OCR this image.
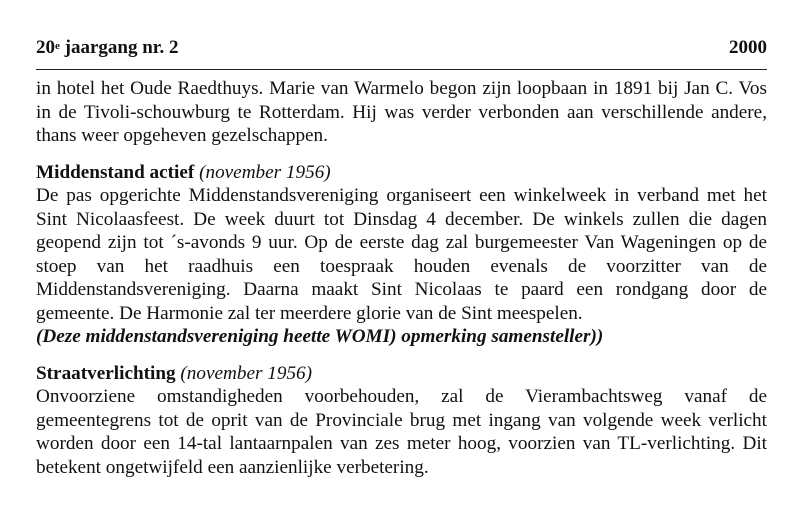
20e jaargang nr. 2	2000

in hotel het Oude Raedthuys. Marie van Warmelo begon zijn loopbaan in 1891 bij Jan C. Vos in de Tivoli-schouwburg te Rotterdam. Hij was verder verbonden aan verschillende andere, thans weer opgeheven gezelschappen.

Middenstand actief (november 1956)

De pas opgerichte Middenstandsvereniging organiseert een winkelweek in verband met het Sint Nicolaasfeest. De week duurt tot Dinsdag 4 december. De winkels zullen die dagen geopend zijn tot ´s-avonds 9 uur. Op de eerste dag zal burgemeester Van Wageningen op de stoep van het raadhuis een toespraak houden evenals de voorzitter van de Middenstandsvereniging. Daarna maakt Sint Nicolaas te paard een rondgang door de gemeente. De Harmonie zal ter meerdere glorie van de Sint meespelen.

(Deze middenstandsvereniging heette WOMI) opmerking samensteller))

Straatverlichting (november 1956)

Onvoorziene omstandigheden voorbehouden, zal de Vierambachtsweg vanaf de gemeentegrens tot de oprit van de Provinciale brug met ingang van volgende week verlicht worden door een 14-tal lantaarnpalen van zes meter hoog, voorzien van TL-verlichting. Dit betekent ongetwijfeld een aanzienlijke verbetering.
